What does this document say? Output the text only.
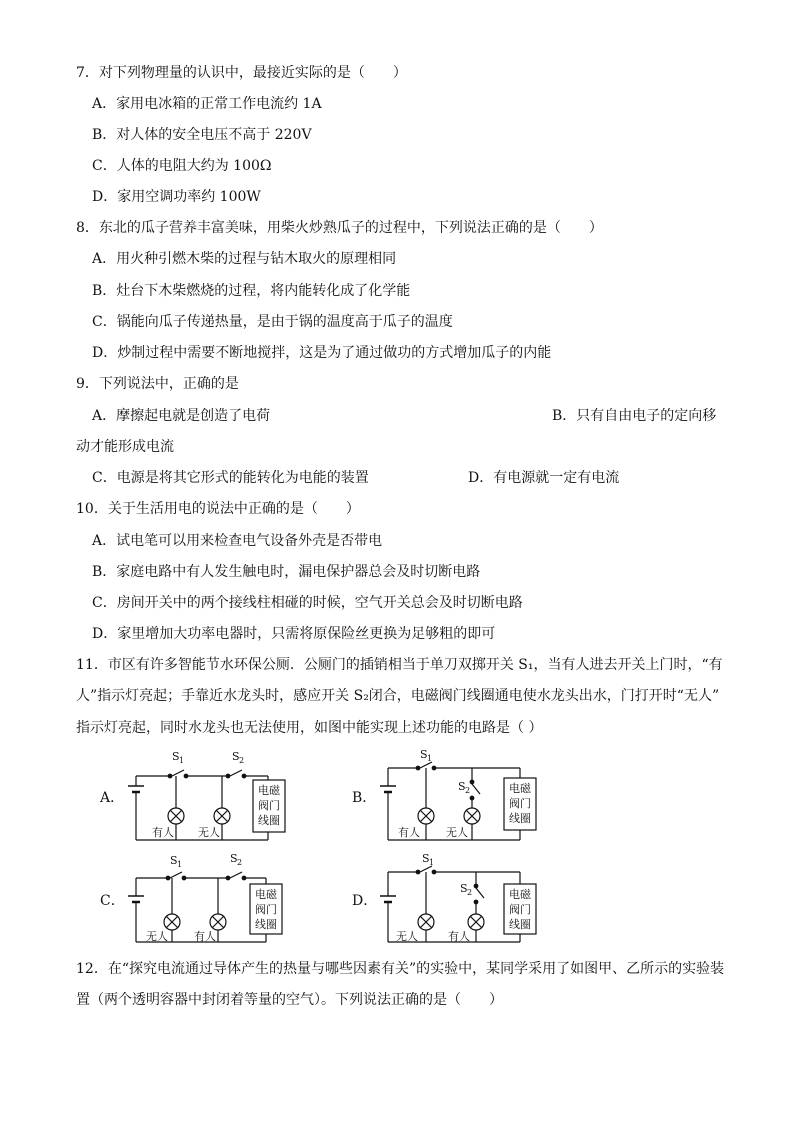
7．对下列物理量的认识中，最接近实际的是（　　）
A．家用电冰箱的正常工作电流约 1A
B．对人体的安全电压不高于 220V
C．人体的电阻大约为 100Ω
D．家用空调功率约 100W
8．东北的瓜子营养丰富美味，用柴火炒熟瓜子的过程中，下列说法正确的是（　　）
A．用火种引燃木柴的过程与钻木取火的原理相同
B．灶台下木柴燃烧的过程，将内能转化成了化学能
C．锅能向瓜子传递热量，是由于锅的温度高于瓜子的温度
D．炒制过程中需要不断地搅拌，这是为了通过做功的方式增加瓜子的内能
9．下列说法中，正确的是
A．摩擦起电就是创造了电荷	B．只有自由电子的定向移
动才能形成电流
C．电源是将其它形式的能转化为电能的装置	D．有电源就一定有电流
10．关于生活用电的说法中正确的是（　　）
A．试电笔可以用来检查电气设备外壳是否带电
B．家庭电路中有人发生触电时，漏电保护器总会及时切断电路
C．房间开关中的两个接线柱相碰的时候，空气开关总会及时切断电路
D．家里增加大功率电器时，只需将原保险丝更换为足够粗的即可
11．市区有许多智能节水环保公厕．公厕门的插销相当于单刀双掷开关 S₁，当有人进去开关上门时，“有
人”指示灯亮起；手靠近水龙头时，感应开关 S₂闭合，电磁阀门线圈通电使水龙头出水，门打开时“无人”
指示灯亮起，同时水龙头也无法使用，如图中能实现上述功能的电路是（ ）
A．	B．
C．	D．
S 1	S 2
有人 无人
电磁
阀门
线圈
S 1
S 2
有人 无人
电磁
阀门
线圈
S 1	S 2
无人 有人
电磁
阀门
线圈
S 1
S 2
无人	有人
电磁
阀门
线圈
12．在“探究电流通过导体产生的热量与哪些因素有关”的实验中，某同学采用了如图甲、乙所示的实验装
置（两个透明容器中封闭着等量的空气）。下列说法正确的是（　　）
